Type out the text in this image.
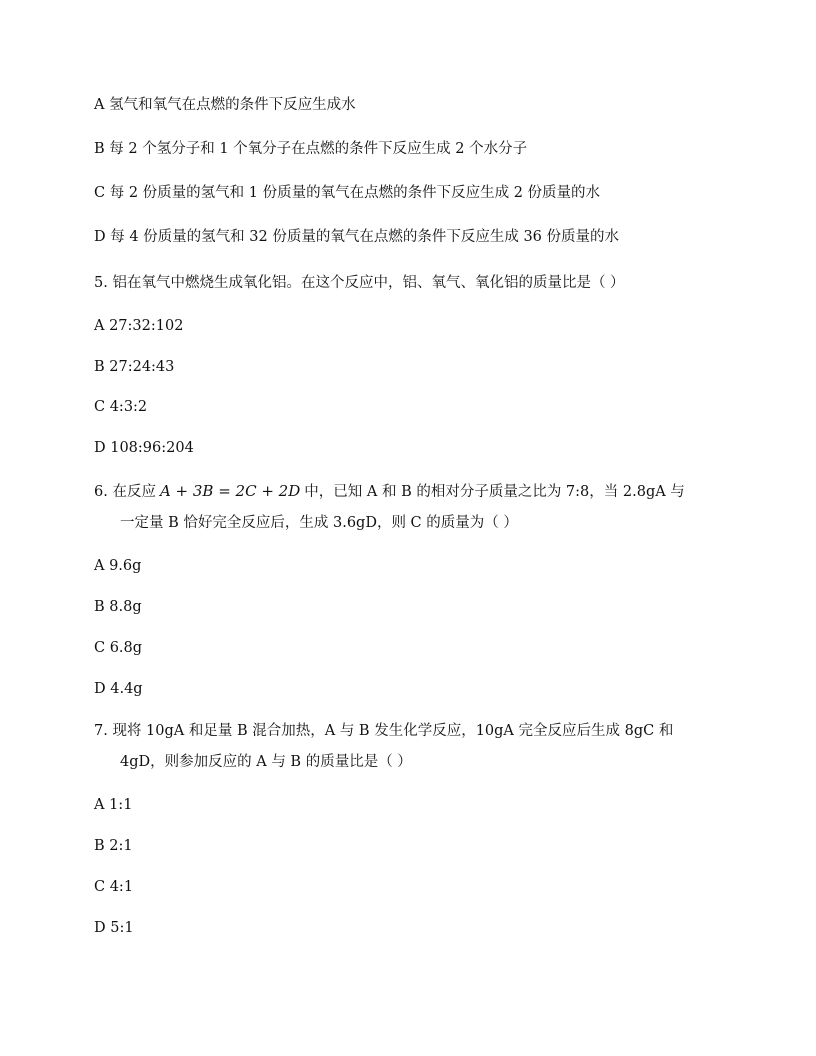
A 氢气和氧气在点燃的条件下反应生成水
B 每 2 个氢分子和 1 个氧分子在点燃的条件下反应生成 2 个水分子
C 每 2 份质量的氢气和 1 份质量的氧气在点燃的条件下反应生成 2 份质量的水
D 每 4 份质量的氢气和 32 份质量的氧气在点燃的条件下反应生成 36 份质量的水
5. 铝在氧气中燃烧生成氧化铝。在这个反应中，铝、氧气、氧化铝的质量比是（ ）
A 27:32:102
B 27:24:43
C 4:3:2
D 108:96:204
6. 在反应 A + 3B = 2C + 2D 中，已知 A 和 B 的相对分子质量之比为 7:8，当 2.8gA 与
一定量 B 恰好完全反应后，生成 3.6gD，则 C 的质量为（ ）
A 9.6g
B 8.8g
C 6.8g
D 4.4g
7. 现将 10gA 和足量 B 混合加热，A 与 B 发生化学反应，10gA 完全反应后生成 8gC 和
4gD，则参加反应的 A 与 B 的质量比是（ ）
A 1:1
B 2:1
C 4:1
D 5:1
